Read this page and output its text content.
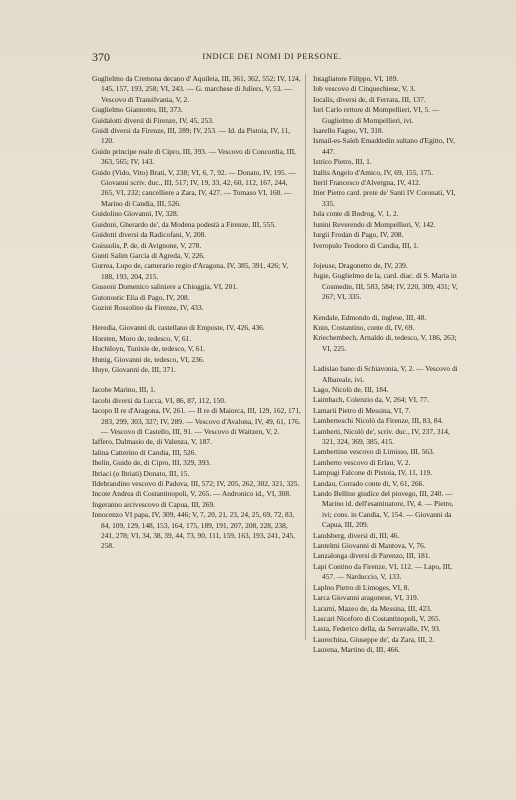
370	INDICE DEI NOMI DI PERSONE.
Guglielmo da Cremona decano d' Aquileia, III, 361, 362, 552; IV, 124, 145, 157, 193, 258; VI, 243. — G. marchese di Juliers, V, 53. — Vescovo di Transilvania, V, 2.
Guglielmo Giannotto, III, 373.
Guidalotti diversi di Firenze, IV, 45, 253.
Guidi diversi da Firenze, III, 289; IV, 253. — Id. da Pistoia, IV, 11, 120.
Guido principe reale di Cipro, III, 393. — Vescovo di Concordia, III, 363, 565; IV, 143.
Guido (Vido, Vito) Brati, V, 238; VI, 6, 7, 92. — Donato, IV, 195. — Giovanni scriv. duc., III, 517; IV, 19, 33, 42, 60, 112, 167, 244, 265, VI, 232; cancelliere a Zara, IV, 427. — Tomaso VI, 160. — Marino di Candia, III, 526.
Guidolino Giovanni, IV, 328.
Guidoni, Gherardo de', da Modena podestà a Firenze, III, 555.
Guidotti diversi da Radicofani, V, 208.
Guissolis, P. de, di Avignone, V, 278.
Gunti Salim Garcia di Agreda, V, 226.
Gurrea, Lupo de, camerario regio d'Aragona, IV, 385, 391, 426; V, 188, 193, 204, 215.
Gussoni Domenico saliniere a Chioggia, VI, 201.
Gutonostic Elia di Pago, IV, 208.
Guzini Rossolino da Firenze, IV, 433.
Heredia, Giovanni di, castellano di Emposte, IV, 426, 436.
Horsten, Moro de, tedesco, V, 61.
Huchiloyn, Tunixie de, tedesco, V, 61.
Hunig, Giovanni de, tedesco, VI, 236.
Huye, Giovanni de, III, 371.
Iacobe Marino, III, 1.
Iacobi diversi da Lucca, VI, 86, 87, 112, 150.
Iacopo II re d'Aragona, IV, 261. — II re di Maiorca, III, 129, 162, 171, 283, 299, 303, 327; IV, 289. — Vescovo d'Avalona, IV, 49, 61, 176. — Vescovo di Castello, III, 91. — Vescovo di Waitzen, V, 2.
Iaffero, Dalmasio de, di Valenza, V, 187.
Ialina Catterino di Candia, III, 526.
Ibelin, Guido de, di Cipro, III, 329, 393.
Ibriaci (o Ibriati) Donato, III, 15.
Ildebrandino vescovo di Padova, III, 572; IV, 205, 262, 302, 321, 325.
Incote Andrea di Costantinopoli, V, 265. — Andronico id., VI, 308.
Ingeranno arcivescovo di Capua, III, 269.
Innocenzo VI papa, IV, 309, 446; V, 7, 20, 21, 23, 24, 25, 69, 72, 83, 84, 109, 129, 148, 153, 164, 175, 189, 191, 207, 208, 228, 238, 241, 278; VI, 34, 38, 39, 44, 73, 90, 111, 159, 163, 193, 241, 245, 258.
Intagliatore Filippo, VI, 189.
Iob vescovo di Cinquechiese, V, 3.
Iocalis, diversi de, di Ferrara, III, 137.
Iori Carlo rettore di Mompellieri, VI, 5. — Guglielmo di Mompellieri, ivi.
Isarello Fagno, VI, 318.
Ismail-es-Saleh Emaddedin sultano d'Egitto, IV, 447.
Istrico Pietro, III, 1.
Itallis Angelo d'Amico, IV, 69, 155, 175.
Iteril Francesco d'Alvergna, IV, 412.
Itier Pietro card. prete de' Santi IV Coronati, VI, 335.
Iula conte di Bodrog, V, 1, 2.
Iunini Reverendo di Mompellieri, V, 142.
Iurgii Frodan di Pago, IV, 208.
Iveropulo Teodoro di Candia, III, 1.
Jojeuse, Dragonetto de, IV, 239.
Jugie, Guglielmo de la, card. diac. di S. Maria in Cosmedin, III, 583, 584; IV, 220, 309, 431; V, 267; VI, 335.
Kendale, Edmondo di, inglese, III, 48.
Knin, Costantino, conte di, IV, 69.
Kriechembech, Arnaldo di, tedesco, V, 186, 263; VI, 225.
Ladislao bano di Schiavonia, V, 2. — Vescovo di Albareale, ivi.
Lago, Nicolò de, III, 184.
Laimbach, Colenzio da, V, 264; VI, 77.
Lamarii Pietro di Messina, VI, 7.
Lamberteschi Nicolò da Firenze, III, 83, 84.
Lamberti, Nicolò de', scriv. duc., IV, 237, 314, 321, 324, 369, 385, 415.
Lambertino vescovo di Limisso, III, 563.
Lamberto vescovo di Erlau, V, 2.
Lampugi Falcone di Pistoia, IV, 11, 119.
Landau, Corrado conte di, V, 61, 266.
Lando Bellino giudice del piovego, III, 240. — Marino id. dell'esaminatore, IV, 4. — Pietro, ivi; cons. in Candia, V, 154. — Giovanni da Capua, III, 209.
Landsberg, diversi di, III, 46.
Lantelmi Giovanni di Mantova, V, 76.
Lanzalonga diversi di Parenzo, III, 181.
Lapi Contino da Firenze, VI, 112. — Lapo, III, 457. — Narduccio, V, 133.
Laplno Pietro di Limoges, VI, 8.
Larca Giovanni aragonese, VI, 319.
Larami, Mazeo de, da Messina, III, 423.
Lascari Niceforo di Costantinopoli, V, 265.
Lasta, Federico della, da Serravalle, IV, 93.
Laurechina, Giuseppe de', da Zara, III, 2.
Laurena, Martino di, III, 466.
